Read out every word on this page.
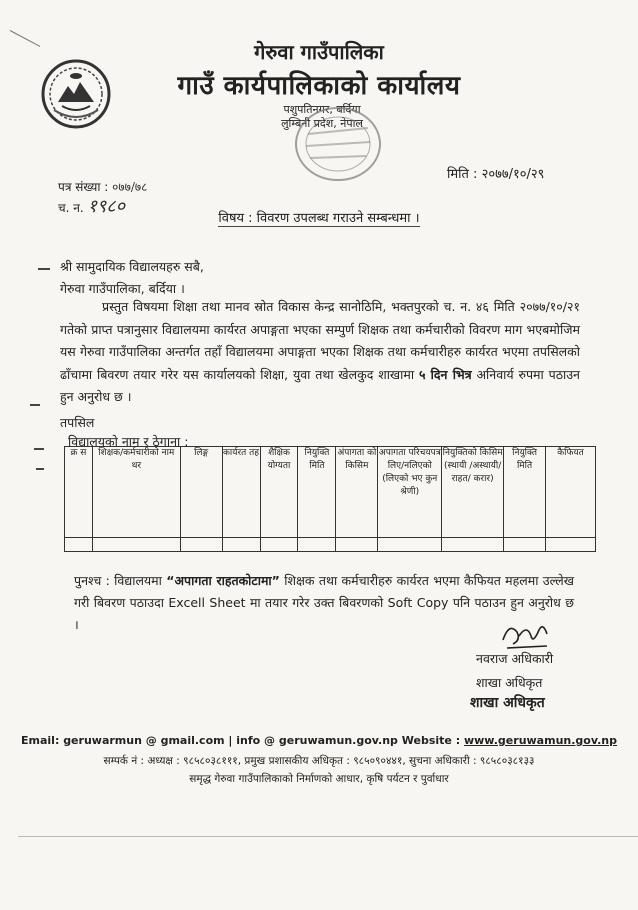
गेरुवा गाउँपालिका
गाउँ कार्यपालिकाको कार्यालय
पशुपतिनगर, बर्दिया
लुम्बिनी प्रदेश, नेपाल
मिति : २०७७/१०/२९
पत्र संख्या : ०७७/७८
च. न. १९८०
विषय : विवरण उपलब्ध गराउने सम्बन्धमा ।
श्री सामुदायिक विद्यालयहरु सबै,
गेरुवा गाउँपालिका, बर्दिया ।
प्रस्तुत विषयमा शिक्षा तथा मानव स्रोत विकास केन्द्र सानोठिमि, भक्तपुरको च. न. ४६ मिति २०७७/१०/२१ गतेको प्राप्त पत्रानुसार विद्यालयमा कार्यरत अपाङ्गता भएका सम्पुर्ण शिक्षक तथा कर्मचारीको विवरण माग भएबमोजिम यस गेरुवा गाउँपालिका अन्तर्गत तहाँ विद्यालयमा अपाङ्गता भएका शिक्षक तथा कर्मचारीहरु कार्यरत भएमा तपसिलको ढाँचामा बिवरण तयार गरेर यस कार्यालयको शिक्षा, युवा तथा खेलकुद शाखामा ५ दिन भित्र अनिवार्य रुपमा पठाउन हुन अनुरोध छ ।
तपसिल
विद्यालयको नाम र ठेगाना :
क्र स	शिक्षक/कर्मचारीको नाम थर	लिङ्ग	कार्यरत तह	शैक्षिक योग्यता	नियुक्ति मिति	अंपागता को किसिम	अपागता परिचयपत्र लिए/नलिएको (लिएको भए कुन श्रेणी)	नियुक्तिको किसिम (स्थायी /अस्थायी/ राहत/ करार)	नियुक्ति मिति	कैफियत

पुनश्च : विद्यालयमा “अपागता राहतकोटामा” शिक्षक तथा कर्मचारीहरु कार्यरत भएमा कैफियत महलमा उल्लेख गरी बिवरण पठाउदा Excell Sheet मा तयार गरेर उक्त बिवरणको Soft Copy पनि पठाउन हुन अनुरोध छ ।
नवराज अधिकारी
शाखा अधिकृत
शाखा अधिकृत
Email: geruwarmun @ gmail.com | info @ geruwamun.gov.np Website : www.geruwamun.gov.np
सम्पर्क नं : अध्यक्ष : ९८५८०३८१११, प्रमुख प्रशासकीय अधिकृत : ९८५०९०४४१, सुचना अधिकारी : ९८५८०३८१३३
समृद्ध गेरुवा गाउँपालिकाको निर्माणको आधार, कृषि पर्यटन र पुर्वाधार
